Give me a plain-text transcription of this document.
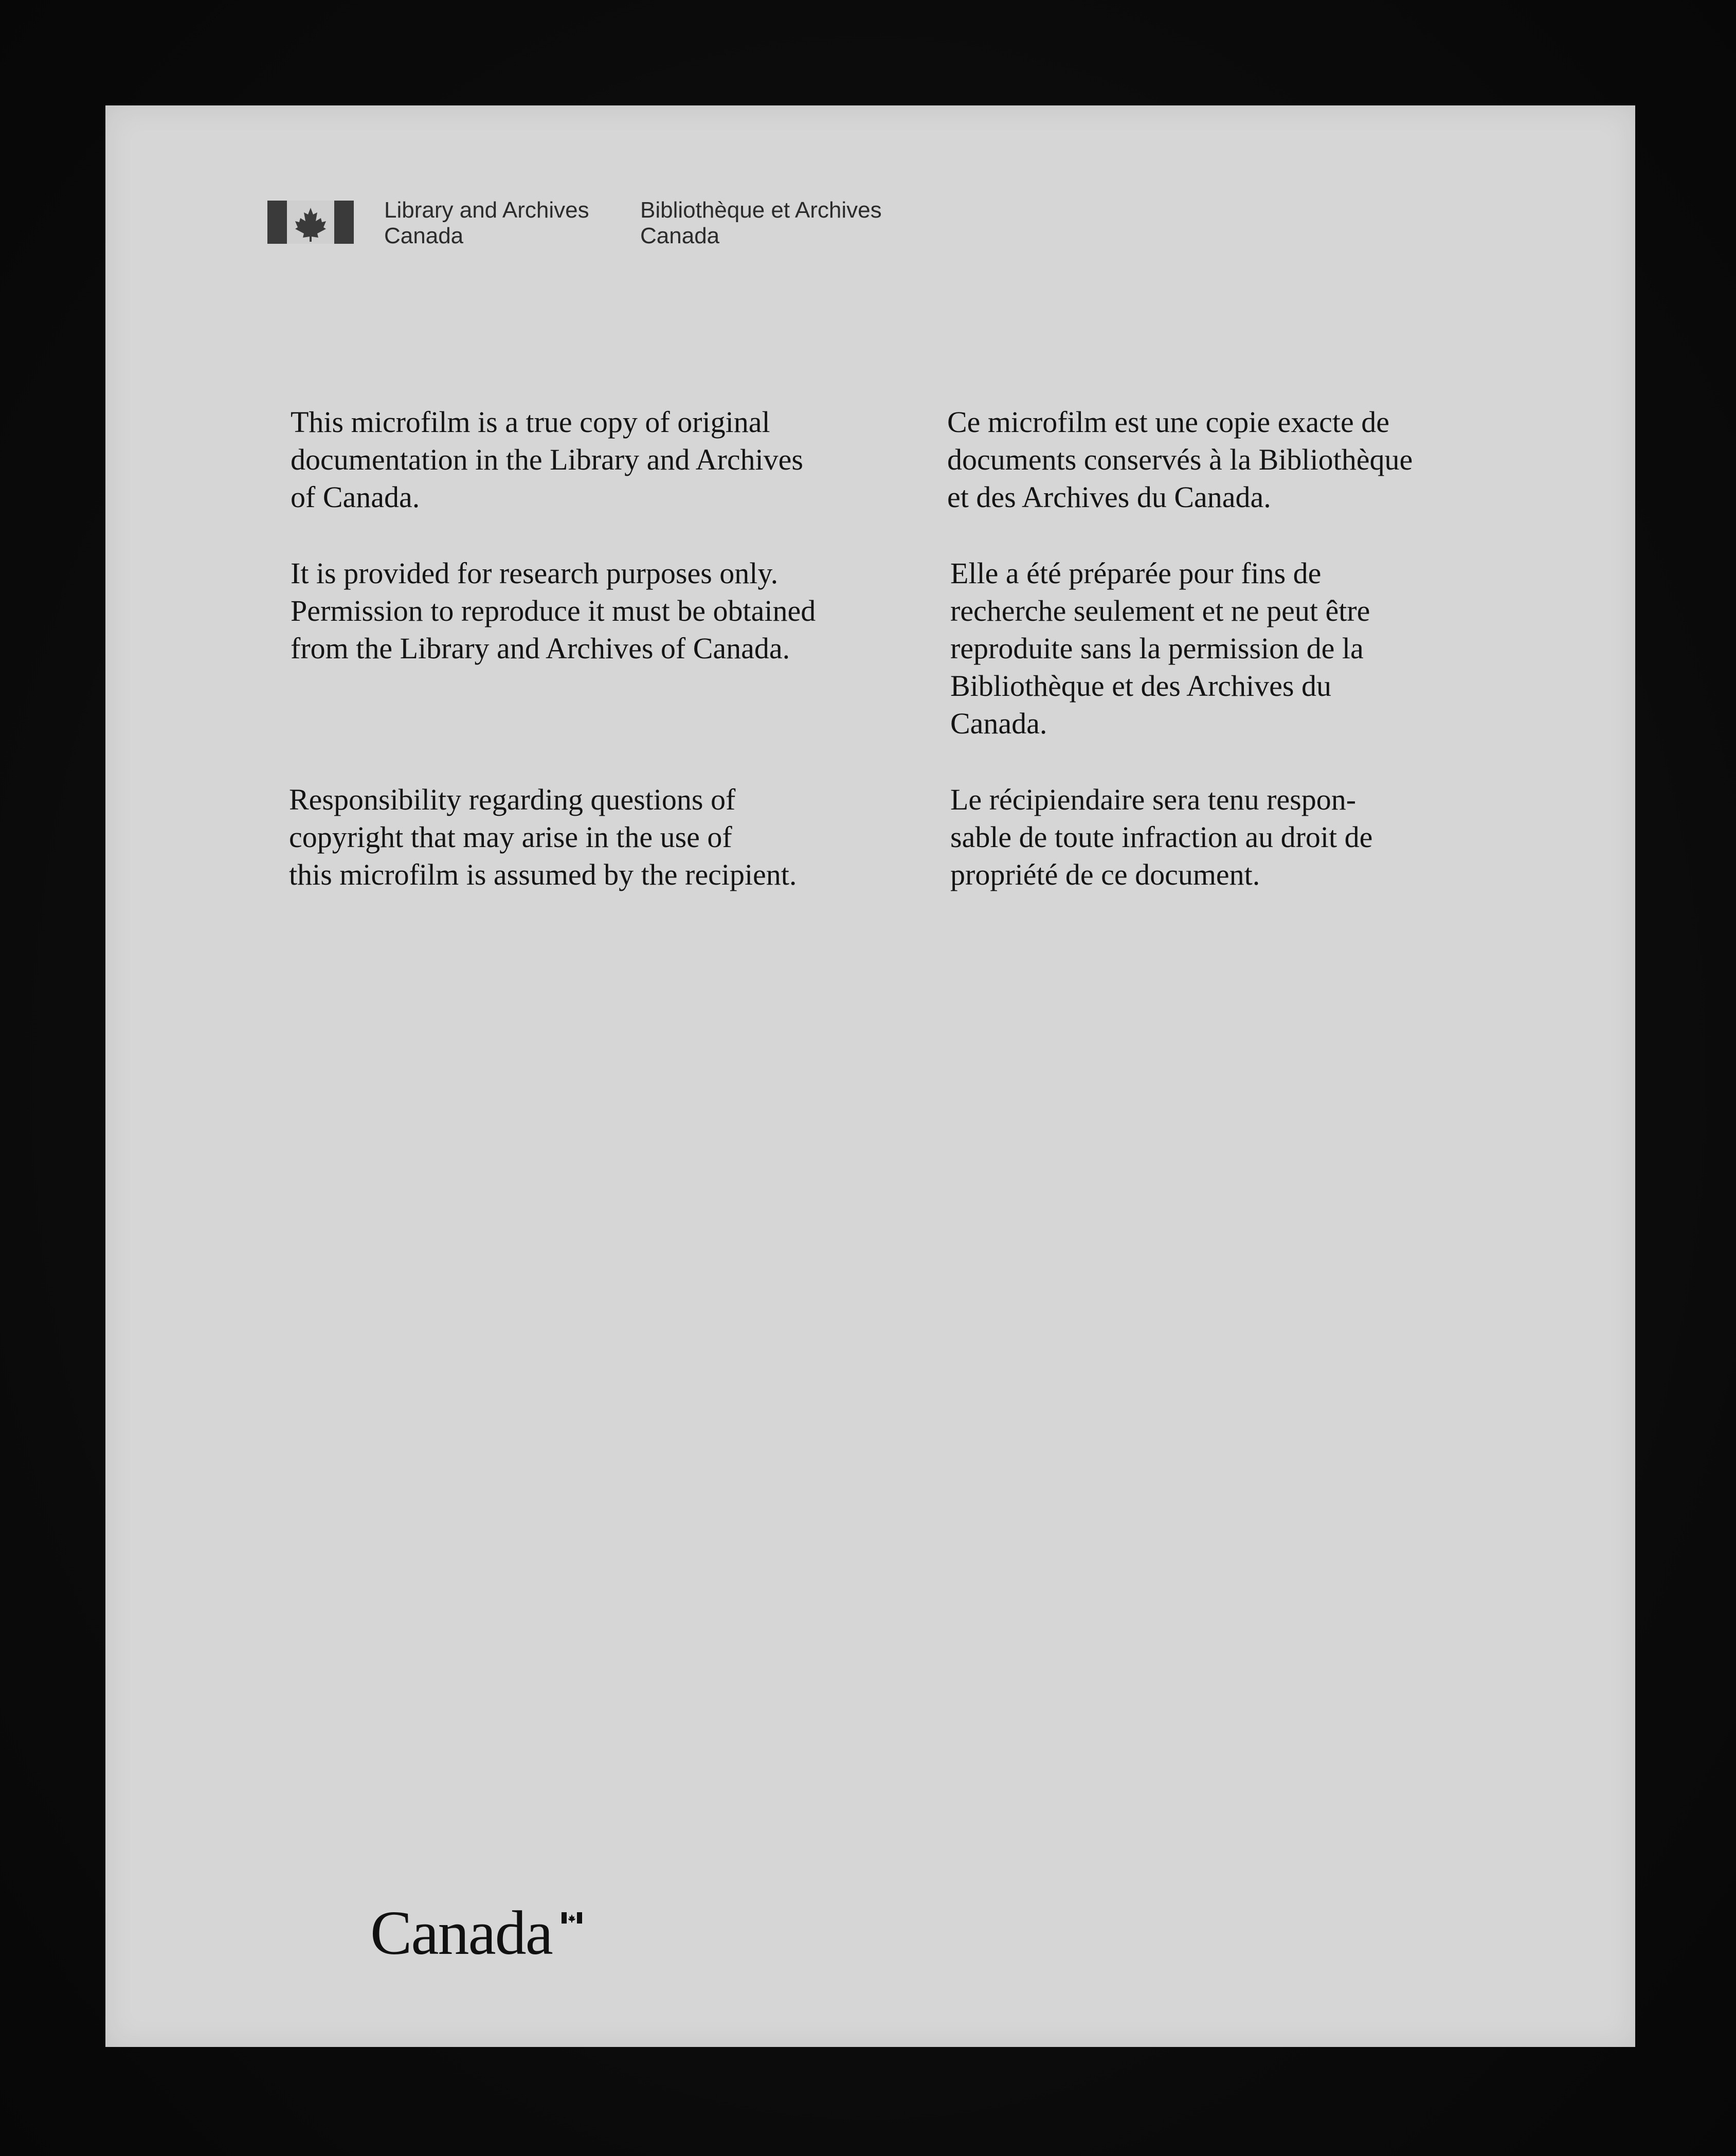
Library and Archives
Canada
Bibliothèque et Archives
Canada
This microfilm is a true copy of original
documentation in the Library and Archives
of Canada.
It is provided for research purposes only.
Permission to reproduce it must be obtained
from the Library and Archives of Canada.
Responsibility regarding questions of
copyright that may arise in the use of
this microfilm is assumed by the recipient.
Ce microfilm est une copie exacte de
documents conservés à la Bibliothèque
et des Archives du Canada.
Elle a été préparée pour fins de
recherche seulement et ne peut être
reproduite sans la permission de la
Bibliothèque et des Archives du
Canada.
Le récipiendaire sera tenu respon-
sable de toute infraction au droit de
propriété de ce document.
Canada
